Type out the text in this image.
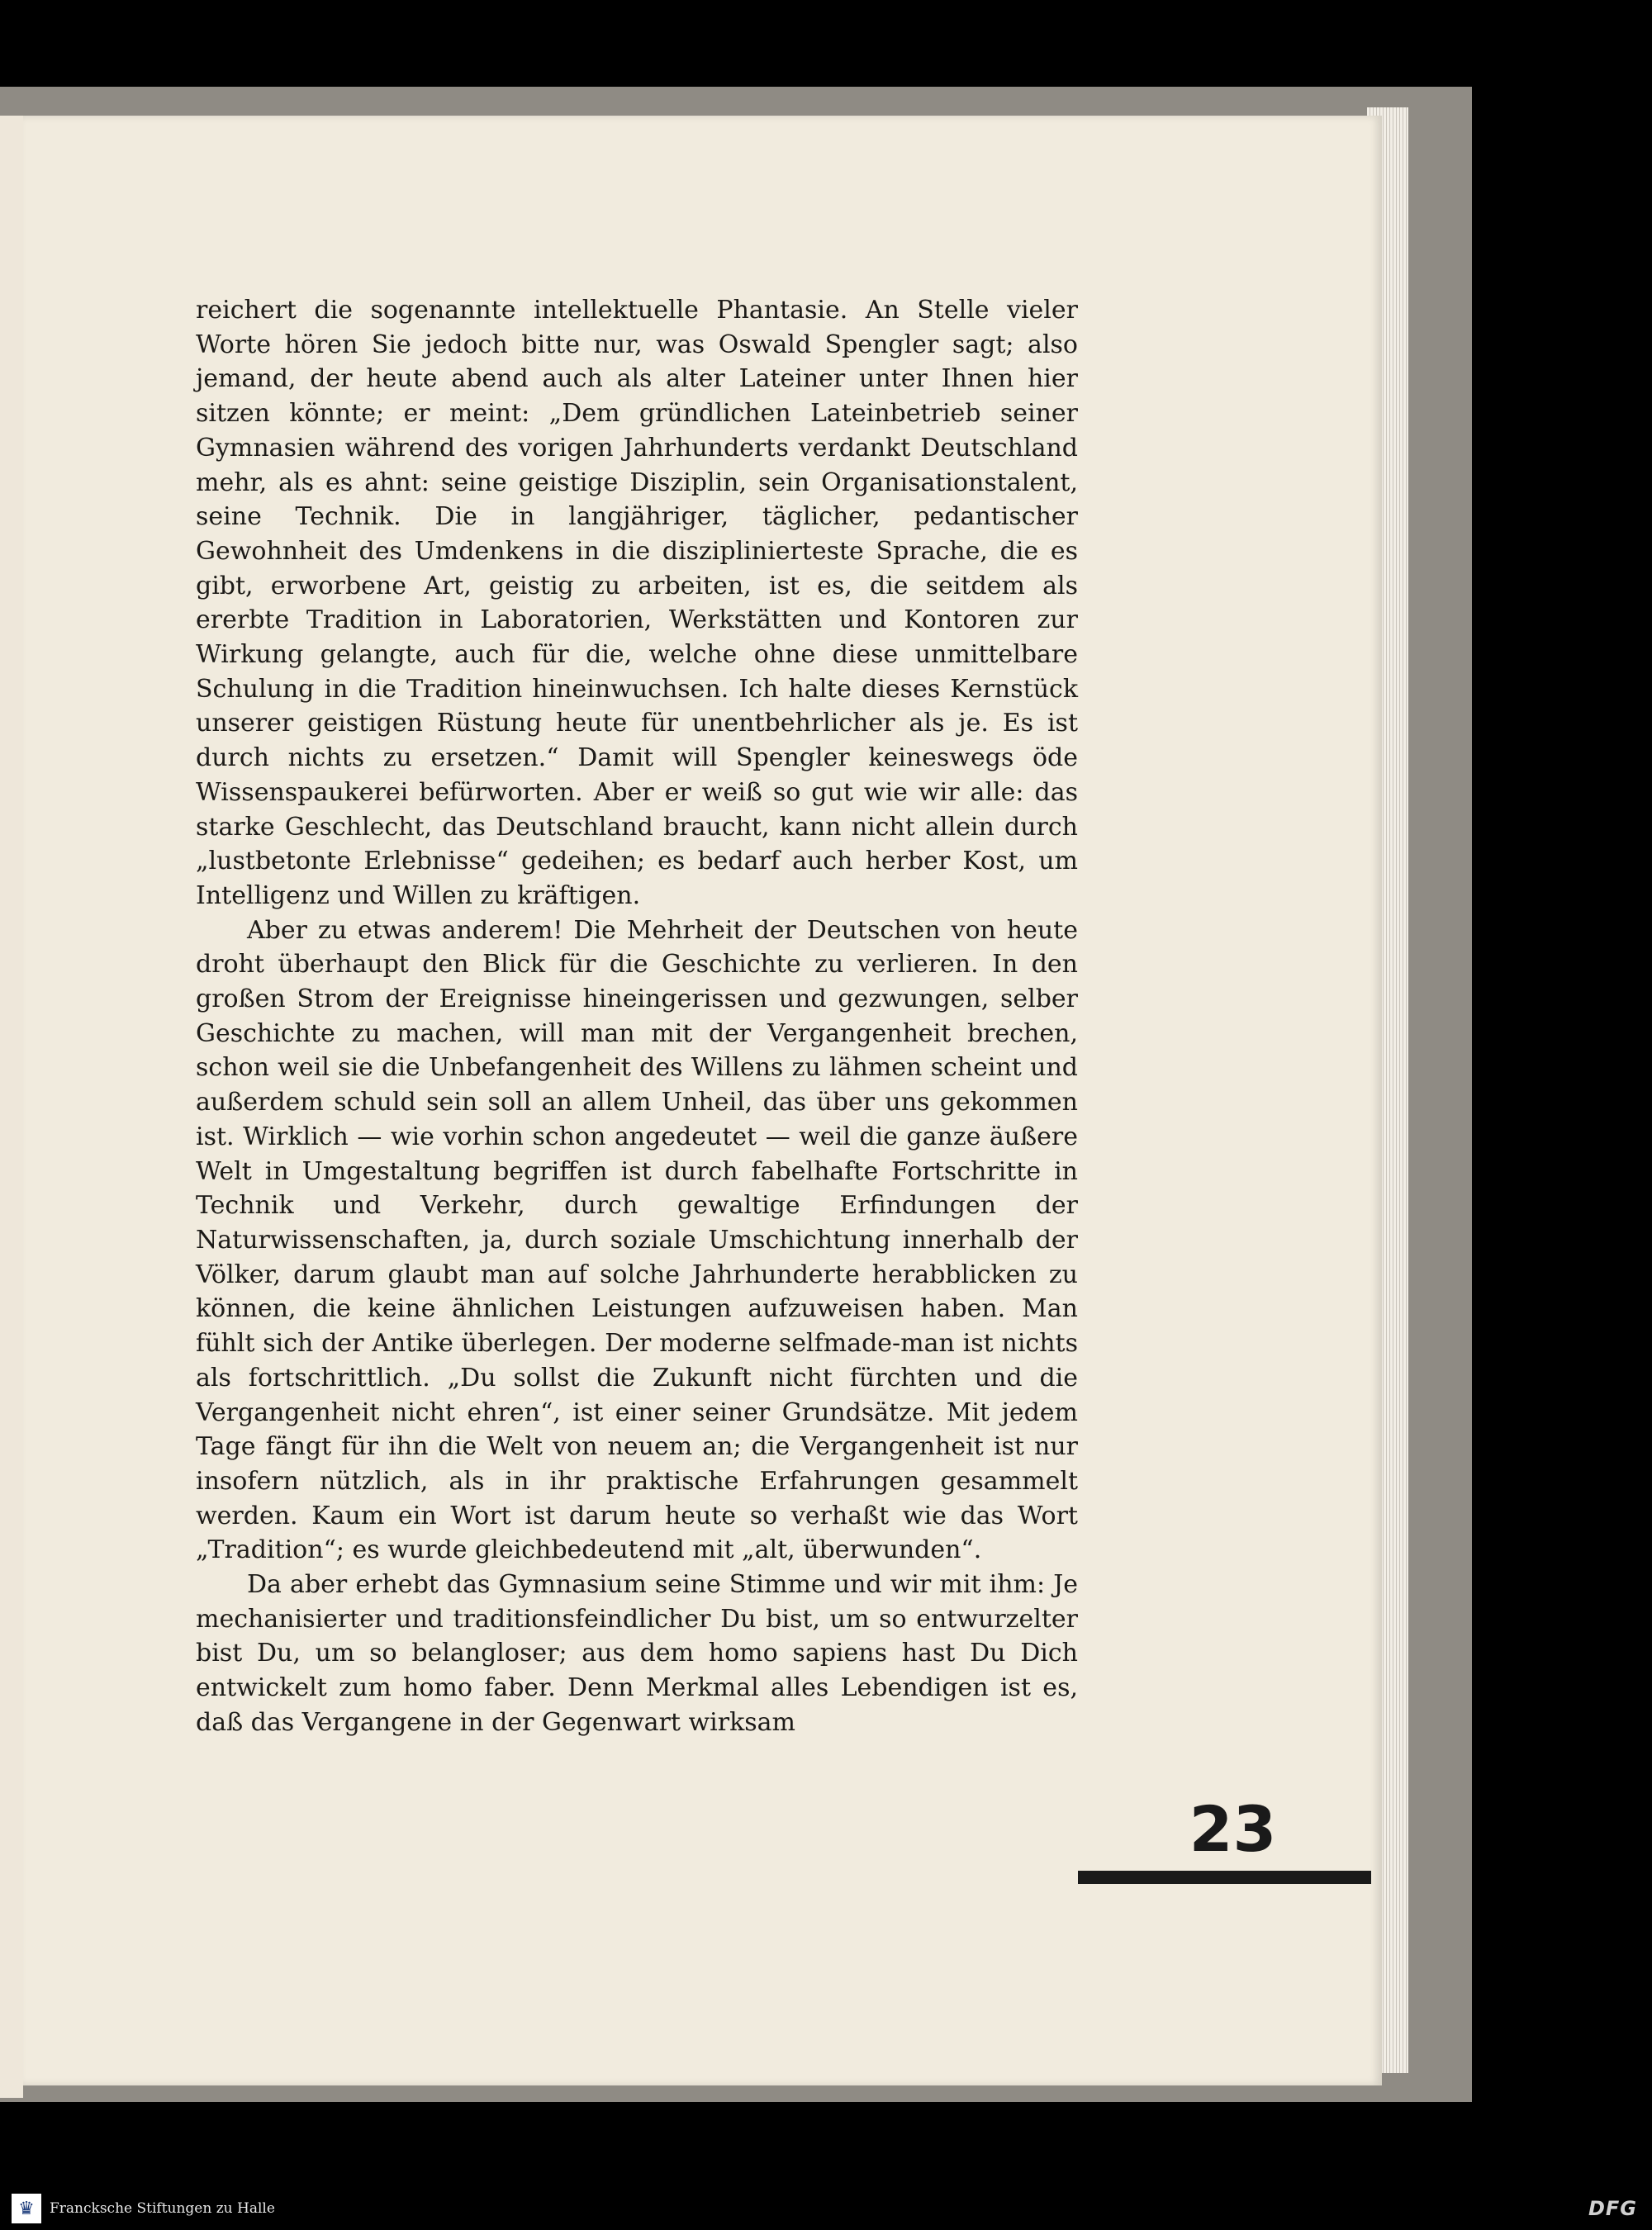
reichert die sogenannte intellektuelle Phantasie. An Stelle vieler Worte hören Sie jedoch bitte nur, was Oswald Spengler sagt; also jemand, der heute abend auch als alter Lateiner unter Ihnen hier sitzen könnte; er meint: „Dem gründlichen Lateinbetrieb seiner Gymnasien während des vorigen Jahrhunderts verdankt Deutschland mehr, als es ahnt: seine geistige Disziplin, sein Organisationstalent, seine Technik. Die in langjähriger, täglicher, pedantischer Gewohnheit des Umdenkens in die disziplinierteste Sprache, die es gibt, erworbene Art, geistig zu arbeiten, ist es, die seitdem als ererbte Tradition in Laboratorien, Werkstätten und Kontoren zur Wirkung gelangte, auch für die, welche ohne diese unmittelbare Schulung in die Tradition hineinwuchsen. Ich halte dieses Kernstück unserer geistigen Rüstung heute für unentbehrlicher als je. Es ist durch nichts zu ersetzen.“ Damit will Spengler keineswegs öde Wissenspaukerei befürworten. Aber er weiß so gut wie wir alle: das starke Geschlecht, das Deutschland braucht, kann nicht allein durch „lustbetonte Erlebnisse“ gedeihen; es bedarf auch herber Kost, um Intelligenz und Willen zu kräftigen.

Aber zu etwas anderem! Die Mehrheit der Deutschen von heute droht überhaupt den Blick für die Geschichte zu verlieren. In den großen Strom der Ereignisse hineingerissen und gezwungen, selber Geschichte zu machen, will man mit der Vergangenheit brechen, schon weil sie die Unbefangenheit des Willens zu lähmen scheint und außerdem schuld sein soll an allem Unheil, das über uns gekommen ist. Wirklich — wie vorhin schon angedeutet — weil die ganze äußere Welt in Umgestaltung begriffen ist durch fabelhafte Fortschritte in Technik und Verkehr, durch gewaltige Erfindungen der Naturwissenschaften, ja, durch soziale Umschichtung innerhalb der Völker, darum glaubt man auf solche Jahrhunderte herabblicken zu können, die keine ähnlichen Leistungen aufzuweisen haben. Man fühlt sich der Antike überlegen. Der moderne selfmade-man ist nichts als fortschrittlich. „Du sollst die Zukunft nicht fürchten und die Vergangenheit nicht ehren“, ist einer seiner Grundsätze. Mit jedem Tage fängt für ihn die Welt von neuem an; die Vergangenheit ist nur insofern nützlich, als in ihr praktische Erfahrungen gesammelt werden. Kaum ein Wort ist darum heute so verhaßt wie das Wort „Tradition“; es wurde gleichbedeutend mit „alt, überwunden“.

Da aber erhebt das Gymnasium seine Stimme und wir mit ihm: Je mechanisierter und traditionsfeindlicher Du bist, um so entwurzelter bist Du, um so belangloser; aus dem homo sapiens hast Du Dich entwickelt zum homo faber. Denn Merkmal alles Lebendigen ist es, daß das Vergangene in der Gegenwart wirksam

23
♛	Francksche Stiftungen zu Halle	DFG
